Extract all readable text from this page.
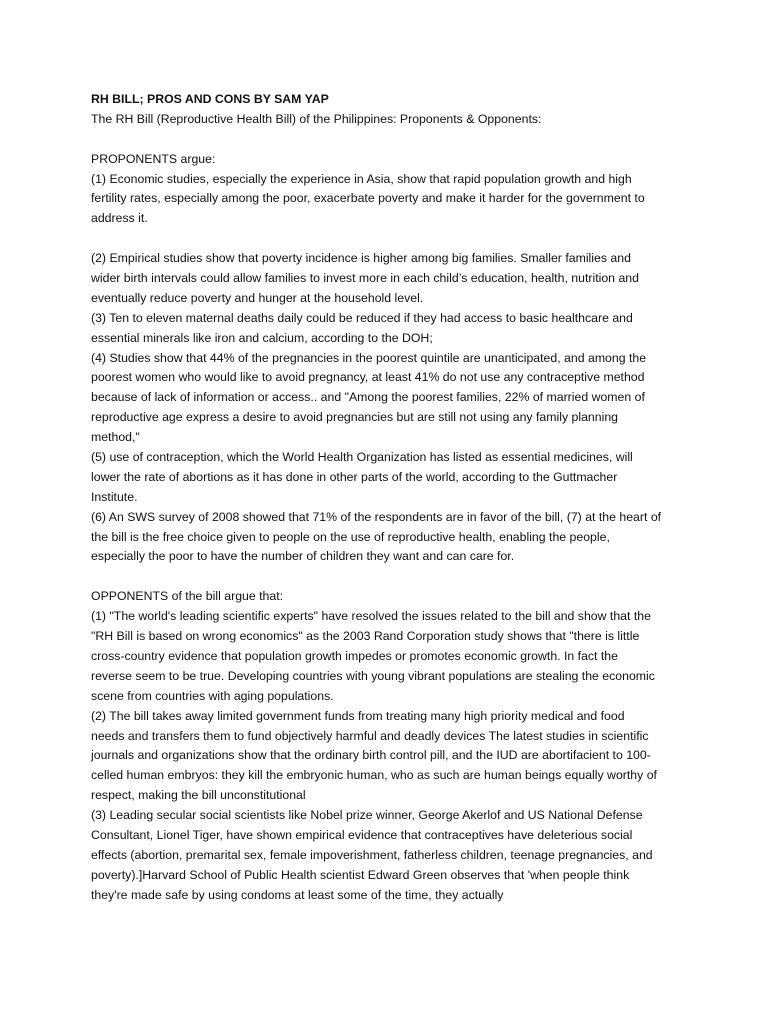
RH BILL; PROS AND CONS BY SAM YAP
The RH Bill (Reproductive Health Bill) of the Philippines: Proponents & Opponents:
PROPONENTS argue:
(1) Economic studies, especially the experience in Asia, show that rapid population growth and high
fertility rates, especially among the poor, exacerbate poverty and make it harder for the government to
address it.
(2) Empirical studies show that poverty incidence is higher among big families. Smaller families and
wider birth intervals could allow families to invest more in each child’s education, health, nutrition and
eventually reduce poverty and hunger at the household level.
(3) Ten to eleven maternal deaths daily could be reduced if they had access to basic healthcare and
essential minerals like iron and calcium, according to the DOH;
(4) Studies show that 44% of the pregnancies in the poorest quintile are unanticipated, and among the
poorest women who would like to avoid pregnancy, at least 41% do not use any contraceptive method
because of lack of information or access.. and "Among the poorest families, 22% of married women of
reproductive age express a desire to avoid pregnancies but are still not using any family planning
method,"
(5) use of contraception, which the World Health Organization has listed as essential medicines, will
lower the rate of abortions as it has done in other parts of the world, according to the Guttmacher
Institute.
(6) An SWS survey of 2008 showed that 71% of the respondents are in favor of the bill, (7) at the heart of
the bill is the free choice given to people on the use of reproductive health, enabling the people,
especially the poor to have the number of children they want and can care for.
OPPONENTS of the bill argue that:
(1) "The world's leading scientific experts" have resolved the issues related to the bill and show that the
"RH Bill is based on wrong economics" as the 2003 Rand Corporation study shows that "there is little
cross-country evidence that population growth impedes or promotes economic growth. In fact the
reverse seem to be true. Developing countries with young vibrant populations are stealing the economic
scene from countries with aging populations.
(2) The bill takes away limited government funds from treating many high priority medical and food
needs and transfers them to fund objectively harmful and deadly devices The latest studies in scientific
journals and organizations show that the ordinary birth control pill, and the IUD are abortifacient to 100-
celled human embryos: they kill the embryonic human, who as such are human beings equally worthy of
respect, making the bill unconstitutional
(3) Leading secular social scientists like Nobel prize winner, George Akerlof and US National Defense
Consultant, Lionel Tiger, have shown empirical evidence that contraceptives have deleterious social
effects (abortion, premarital sex, female impoverishment, fatherless children, teenage pregnancies, and
poverty).]Harvard School of Public Health scientist Edward Green observes that 'when people think
they're made safe by using condoms at least some of the time, they actually
